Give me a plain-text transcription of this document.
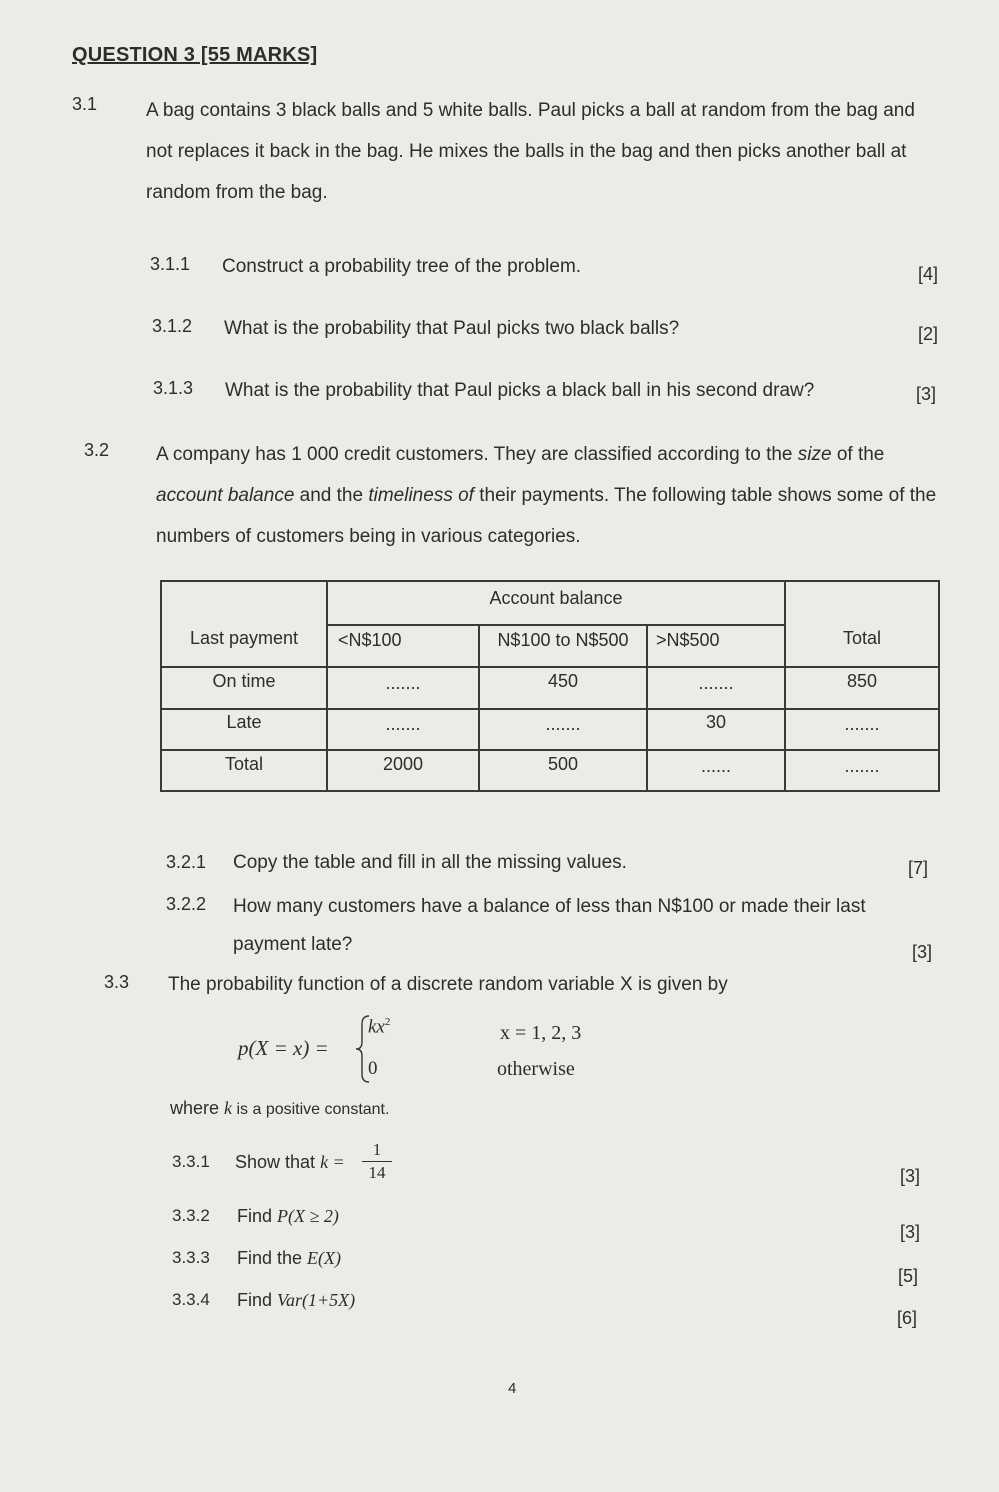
QUESTION 3 [55 MARKS]
3.1	A bag contains 3 black balls and 5 white balls. Paul picks a ball at random from the bag and not replaces it back in the bag. He mixes the balls in the bag and then picks another ball at random from the bag.
3.1.1 Construct a probability tree of the problem.	[4]
3.1.2 What is the probability that Paul picks two black balls?	[2]
3.1.3 What is the probability that Paul picks a black ball in his second draw?	[3]
3.2 A company has 1 000 credit customers. They are classified according to the size of the account balance and the timeliness of their payments. The following table shows some of the numbers of customers being in various categories.
Account balance
Last payment	<N$100	N$100 to N$500	>N$500	Total
On time	.......	450	.......	850
Late	.......	.......	30	.......
Total	2000	500	......	.......
3.2.1 Copy the table and fill in all the missing values.	[7]
3.2.2 How many customers have a balance of less than N$100 or made their last
payment late?	[3]
3.3 The probability function of a discrete random variable X is given by
p(X = x) =
$kx^2$
0
x = 1, 2, 3
otherwise
where k is a positive constant.
3.3.1 Show that k =
1
14	[3]
3.3.2 Find P(X ≥ 2)
[3]
3.3.3 Find the E(X)
[5]
3.3.4 Find Var(1+5X)
[6]
4
